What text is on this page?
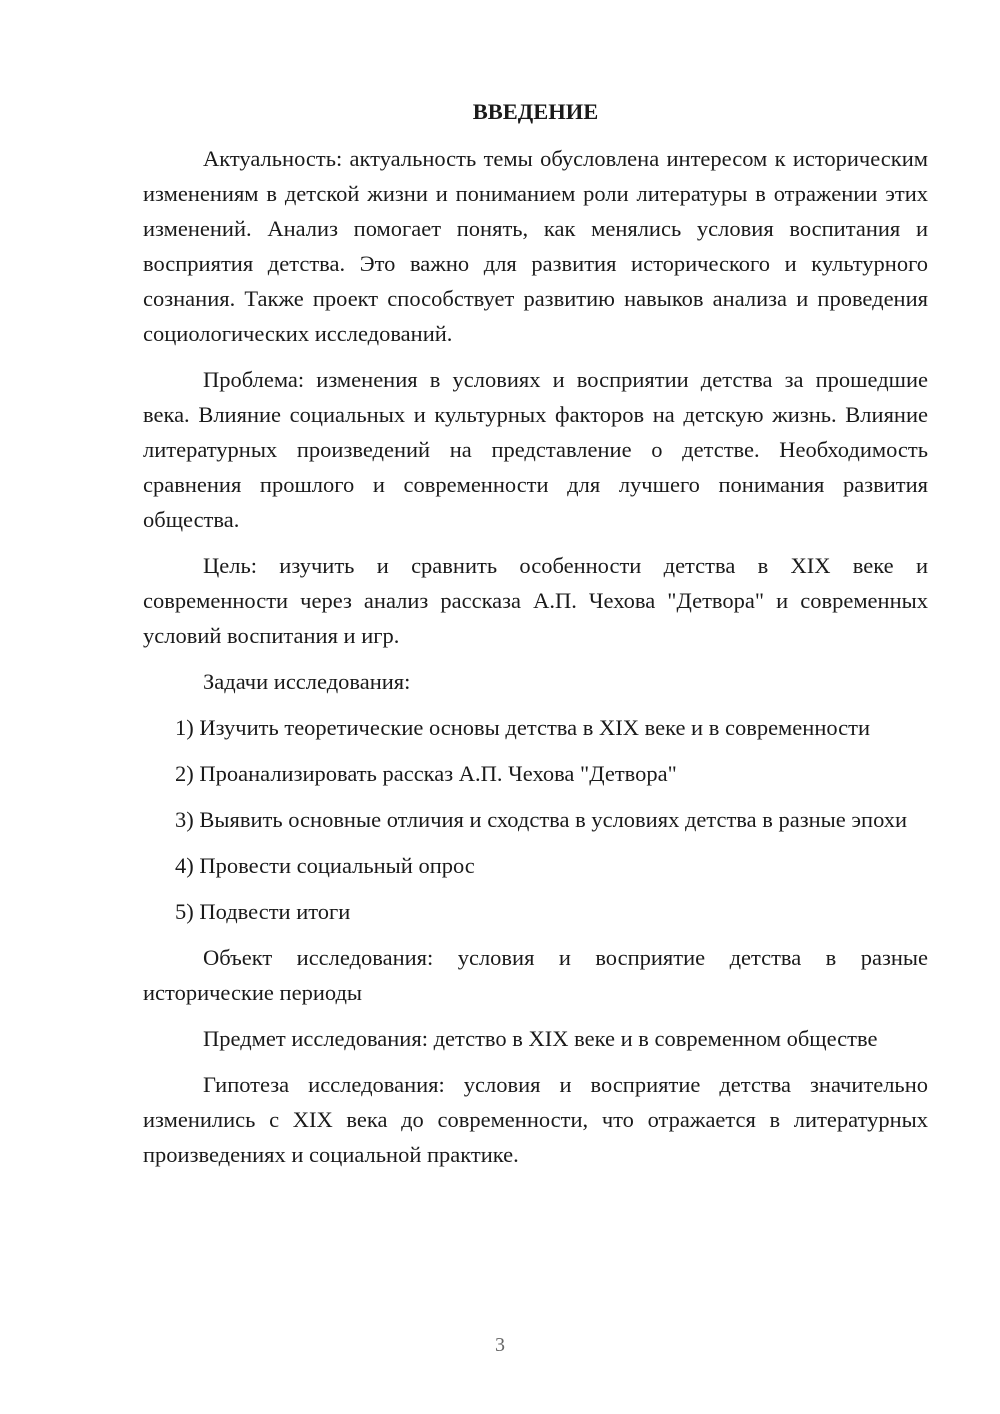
ВВЕДЕНИЕ

Актуальность: актуальность темы обусловлена интересом к историческим изменениям в детской жизни и пониманием роли литературы в отражении этих изменений. Анализ помогает понять, как менялись условия воспитания и восприятия детства. Это важно для развития исторического и культурного сознания. Также проект способствует развитию навыков анализа и проведения социологических исследований.

Проблема: изменения в условиях и восприятии детства за прошедшие века. Влияние социальных и культурных факторов на детскую жизнь. Влияние литературных произведений на представление о детстве. Необходимость сравнения прошлого и современности для лучшего понимания развития общества.

Цель: изучить и сравнить особенности детства в XIX веке и современности через анализ рассказа А.П. Чехова "Детвора" и современных условий воспитания и игр.

Задачи исследования:

1) Изучить теоретические основы детства в XIX веке и в современности

2) Проанализировать рассказ А.П. Чехова "Детвора"

3) Выявить основные отличия и сходства в условиях детства в разные эпохи

4) Провести социальный опрос

5) Подвести итоги

Объект исследования: условия и восприятие детства в разные исторические периоды

Предмет исследования: детство в XIX веке и в современном обществе

Гипотеза исследования: условия и восприятие детства значительно изменились с XIX века до современности, что отражается в литературных произведениях и социальной практике.

3
